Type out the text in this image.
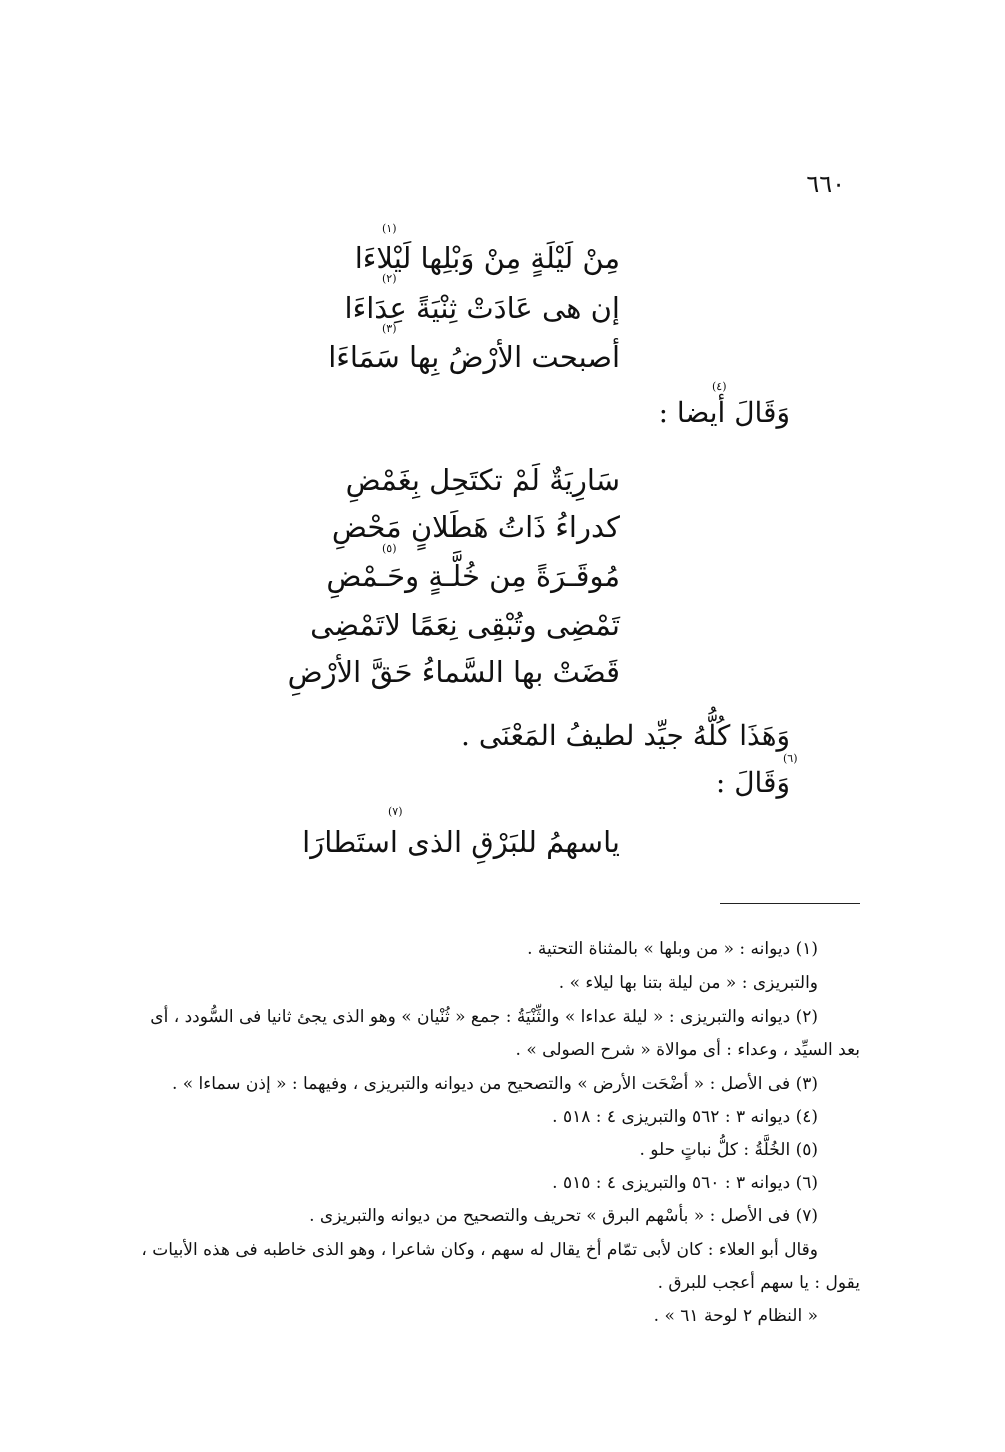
٦٦٠
(١)
مِنْ لَيْلَةٍ مِنْ وَبْلِها لَيْلاءَا
(٢)
إن هى عَادَتْ ثِنْيَةً عِدَاءَا
(٣)
أصبحت الأرْضُ بِها سَمَاءَا
(٤)
وَقَالَ أيضا :
سَارِيَةٌ لَمْ تكتَحِل بِغَمْضِ
كدراءُ ذَاتُ هَطَلانٍ مَحْضِ
(٥)
مُوقَـرَةً مِن خُلَّـةٍ وحَـمْضِ
تَمْضِى وتُبْقِى نِعَمًا لاتَمْضِى
قَضَتْ بها السَّماءُ حَقَّ الأرْضِ
وَهَذَا كُلُّهُ جيِّد لطيفُ المَعْنَى .
(٦)
وَقَالَ :
(٧)
ياسهمُ للبَرْقِ الذى استَطارَا
(١) ديوانه : « من وبلها » بالمثناة التحتية .
والتبريزى : « من ليلة بتنا بها ليلاء » .
(٢) ديوانه والتبريزى : « ليلة عداءا » والثِّنْيَةُ : جمع « ثُنْيان » وهو الذى يجئ ثانيا فى السُّودد ، أى
بعد السيِّد ، وعداء : أى موالاة « شرح الصولى » .
(٣) فى الأصل : « أضْحَت الأرض » والتصحيح من ديوانه والتبريزى ، وفيهما : « إذن سماءا » .
(٤) ديوانه ٣ : ٥٦٢ والتبريزى ٤ : ٥١٨ .
(٥) الخُلَّةُ : كلُّ نباتٍ حلو .
(٦) ديوانه ٣ : ٥٦٠ والتبريزى ٤ : ٥١٥ .
(٧) فى الأصل : « بأسْهم البرق » تحريف والتصحيح من ديوانه والتبريزى .
وقال أبو العلاء : كان لأبى تمّام أخ يقال له سهم ، وكان شاعرا ، وهو الذى خاطبه فى هذه الأبيات ،
يقول : يا سهم أعجب للبرق .
« النظام ٢ لوحة ٦١ » .
